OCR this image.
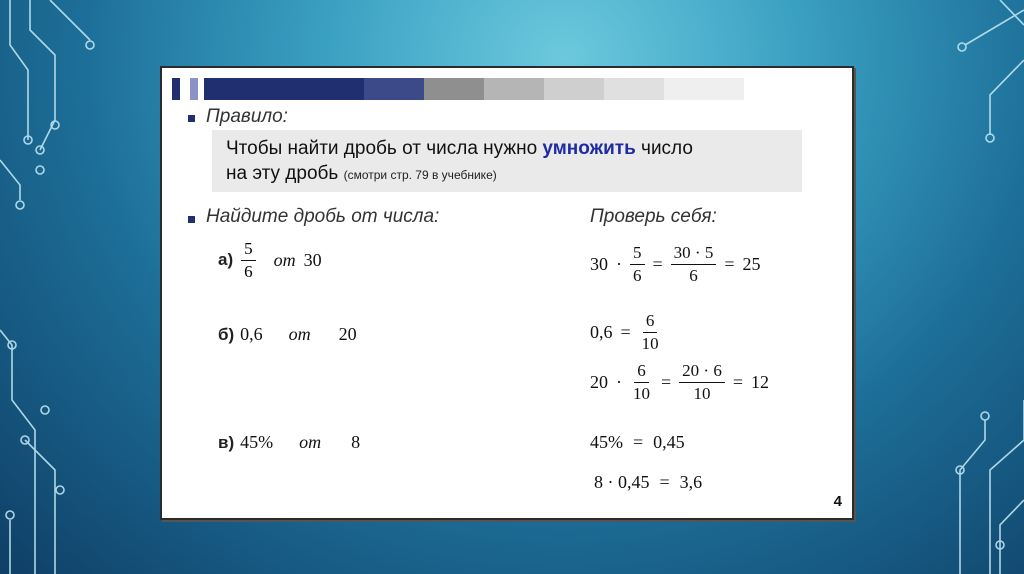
Правило:
Чтобы найти дробь от числа нужно умножить число
на эту дробь (смотри стр. 79 в учебнике)
Найдите дробь от числа:	Проверь себя:
$а) \frac{5}{6}$ от 30
б) 0,6 от 20
в) 45% от 8
$30 \cdot \frac{5}{6} = \frac{30 \cdot 5}{6} = 25$
$0,6 = \frac{6}{10}$
$20 \cdot \frac{6}{10} = \frac{20 \cdot 6}{10} = 12$
45% = 0,45
8 · 0,45 = 3,6
4
